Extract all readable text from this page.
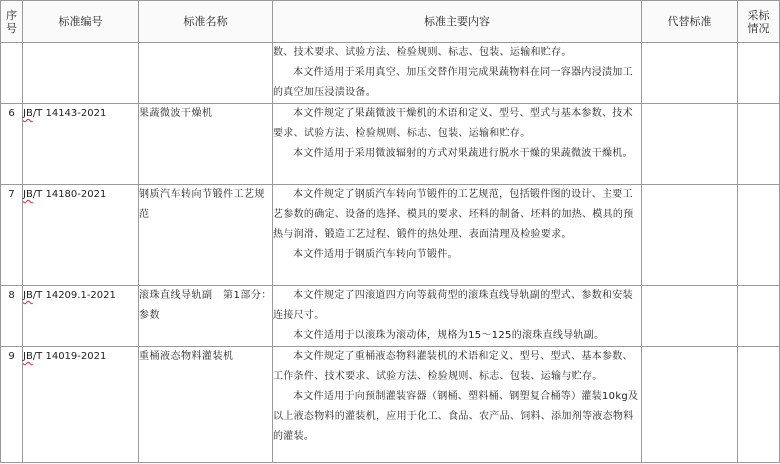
序
号	标准编号	标准名称	标准主要内容	代替标准	采标
情况

			数、技术要求、试验方法、检验规则、标志、包装、运输和贮存。

本文件适用于采用真空、加压交替作用完成果蔬物料在同一容器内浸渍加工的真空加压浸渍设备。		

6	JB/T 14143-2021	果蔬微波干燥机	本文件规定了果蔬微波干燥机的术语和定义、型号、型式与基本参数、技术要求、试验方法、检验规则、标志、包装、运输和贮存。

本文件适用于采用微波辐射的方式对果蔬进行脱水干燥的果蔬微波干燥机。		

7	JB/T 14180-2021	钢质汽车转向节锻件工艺规范	本文件规定了钢质汽车转向节锻件的工艺规范，包括锻件图的设计、主要工艺参数的确定、设备的选择、模具的要求、坯料的制备、坯料的加热、模具的预热与润滑、锻造工艺过程、锻件的热处理、表面清理及检验要求。

本文件适用于钢质汽车转向节锻件。		

8	JB/T 14209.1-2021	滚珠直线导轨副　第1部分：参数	本文件规定了四滚道四方向等载荷型的滚珠直线导轨副的型式、参数和安装连接尺寸。

本文件适用于以滚珠为滚动体，规格为15～125的滚珠直线导轨副。		

9	JB/T 14019-2021	重桶液态物料灌装机	本文件规定了重桶液态物料灌装机的术语和定义、型号、型式、基本参数、工作条件、技术要求、试验方法、检验规则、标志、包装、运输与贮存。

本文件适用于向预制灌装容器（钢桶、塑料桶、钢塑复合桶等）灌装10kg及以上液态物料的灌装机，应用于化工、食品、农产品、饲料、添加剂等液态物料的灌装。		
